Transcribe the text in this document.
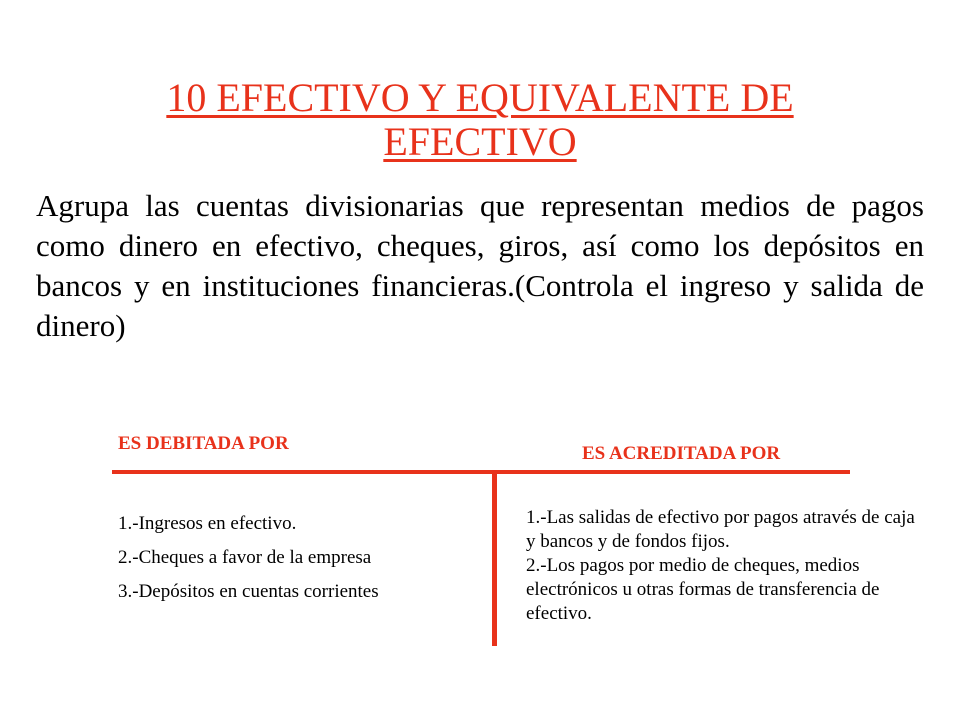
10 EFECTIVO Y EQUIVALENTE DE
EFECTIVO

Agrupa las cuentas divisionarias que representan medios de pagos como dinero en efectivo, cheques, giros, así como los depósitos en bancos y en instituciones financieras.(Controla el ingreso y salida de dinero)

ES DEBITADA POR	ES ACREDITADA POR
1.-Ingresos en efectivo.
2.-Cheques a favor de la empresa
3.-Depósitos en cuentas corrientes
1.-Las salidas de efectivo por pagos através de caja y bancos y de fondos fijos.
2.-Los pagos por medio de cheques, medios electrónicos u otras formas de transferencia de efectivo.
